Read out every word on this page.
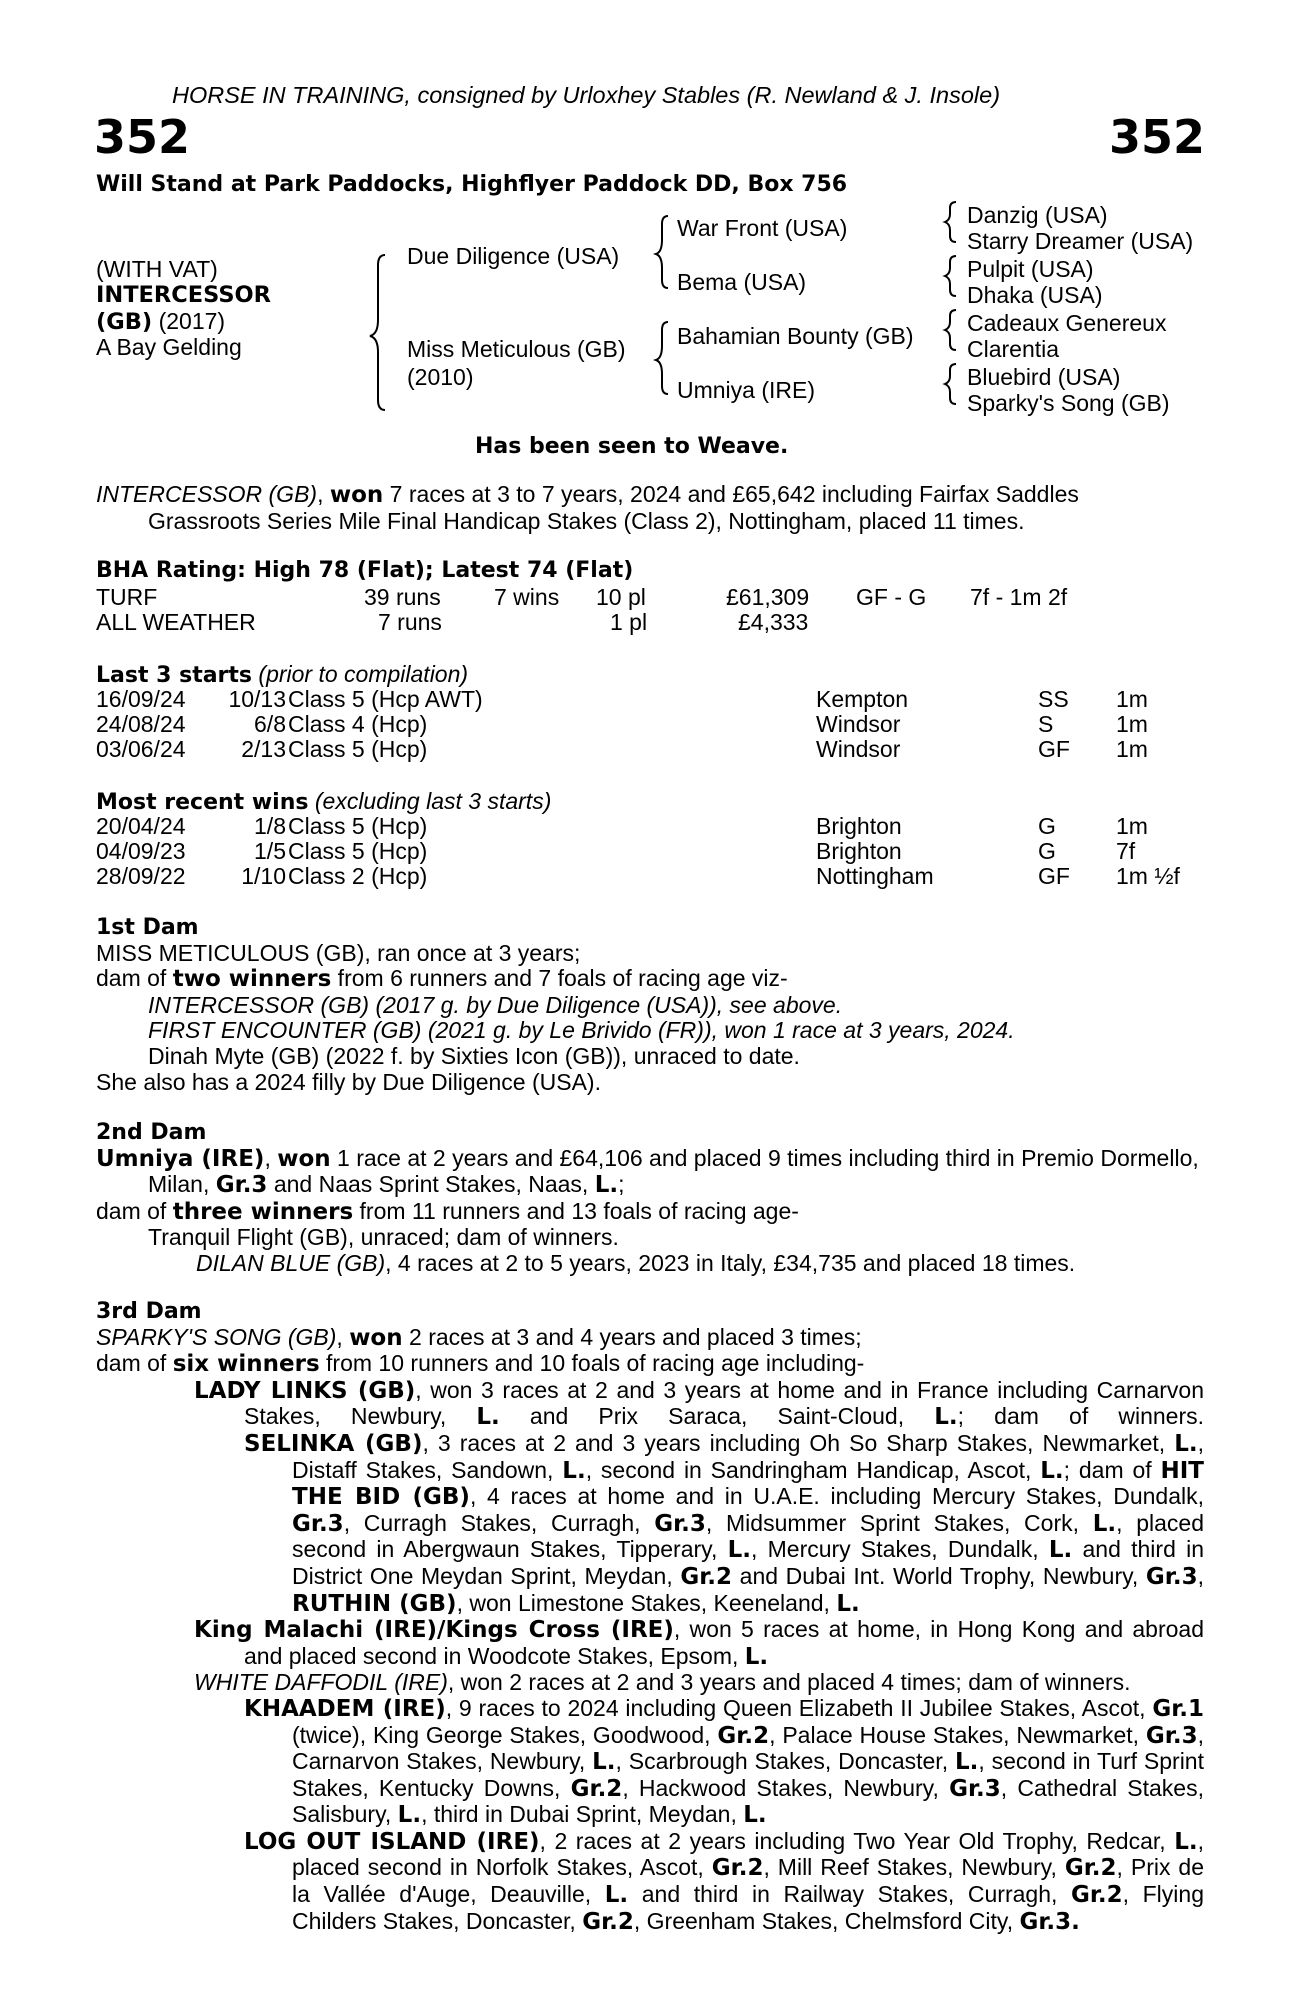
HORSE IN TRAINING, consigned by Urloxhey Stables (R. Newland & J. Insole)
352	352
Will Stand at Park Paddocks, Highflyer Paddock DD, Box 756
(WITH VAT)
INTERCESSOR
(GB) (2017)
A Bay Gelding
Due Diligence (USA)
Miss Meticulous (GB)
(2010)
War Front (USA)
Bema (USA)
Bahamian Bounty (GB)
Umniya (IRE)
Danzig (USA)
Starry Dreamer (USA)
Pulpit (USA)
Dhaka (USA)
Cadeaux Genereux
Clarentia
Bluebird (USA)
Sparky's Song (GB)
Has been seen to Weave.

INTERCESSOR (GB), won 7 races at 3 to 7 years, 2024 and £65,642 including Fairfax Saddles

Grassroots Series Mile Final Handicap Stakes (Class 2), Nottingham, placed 11 times.

BHA Rating: High 78 (Flat); Latest 74 (Flat)
TURF	39 runs 7 wins 10 pl	£61,309 GF - G 7f - 1m 2f
ALL WEATHER	7 runs	1 pl	£4,333
Last 3 starts (prior to compilation)
16/09/24	10/13 Class 5 (Hcp AWT)	Kempton	SS 1m
24/08/24	6/8 Class 4 (Hcp)	Windsor	S	1m
03/06/24	2/13 Class 5 (Hcp)	Windsor	GF 1m
Most recent wins (excluding last 3 starts)
20/04/24	1/8 Class 5 (Hcp)	Brighton	G	1m
04/09/23	1/5 Class 5 (Hcp)	Brighton	G	7f
28/09/22	1/10 Class 2 (Hcp)	Nottingham	GF 1m ½f

1st Dam

MISS METICULOUS (GB), ran once at 3 years;

dam of two winners from 6 runners and 7 foals of racing age viz-

INTERCESSOR (GB) (2017 g. by Due Diligence (USA)), see above.

FIRST ENCOUNTER (GB) (2021 g. by Le Brivido (FR)), won 1 race at 3 years, 2024.

Dinah Myte (GB) (2022 f. by Sixties Icon (GB)), unraced to date.

She also has a 2024 filly by Due Diligence (USA).

2nd Dam

Umniya (IRE), won 1 race at 2 years and £64,106 and placed 9 times including third in Premio Dormello, Milan, Gr.3 and Naas Sprint Stakes, Naas, L.;

dam of three winners from 11 runners and 13 foals of racing age-

Tranquil Flight (GB), unraced; dam of winners.

DILAN BLUE (GB), 4 races at 2 to 5 years, 2023 in Italy, £34,735 and placed 18 times.

3rd Dam

SPARKY'S SONG (GB), won 2 races at 3 and 4 years and placed 3 times;

dam of six winners from 10 runners and 10 foals of racing age including-

LADY LINKS (GB), won 3 races at 2 and 3 years at home and in France including Carnarvon Stakes, Newbury, L. and Prix Saraca, Saint-Cloud, L.; dam of winners.

SELINKA (GB), 3 races at 2 and 3 years including Oh So Sharp Stakes, Newmarket, L., Distaff Stakes, Sandown, L., second in Sandringham Handicap, Ascot, L.; dam of HIT THE BID (GB), 4 races at home and in U.A.E. including Mercury Stakes, Dundalk, Gr.3, Curragh Stakes, Curragh, Gr.3, Midsummer Sprint Stakes, Cork, L., placed second in Abergwaun Stakes, Tipperary, L., Mercury Stakes, Dundalk, L. and third in District One Meydan Sprint, Meydan, Gr.2 and Dubai Int. World Trophy, Newbury, Gr.3, RUTHIN (GB), won Limestone Stakes, Keeneland, L.

King Malachi (IRE)/Kings Cross (IRE), won 5 races at home, in Hong Kong and abroad and placed second in Woodcote Stakes, Epsom, L.

WHITE DAFFODIL (IRE), won 2 races at 2 and 3 years and placed 4 times; dam of winners.

KHAADEM (IRE), 9 races to 2024 including Queen Elizabeth II Jubilee Stakes, Ascot, Gr.1 (twice), King George Stakes, Goodwood, Gr.2, Palace House Stakes, Newmarket, Gr.3, Carnarvon Stakes, Newbury, L., Scarbrough Stakes, Doncaster, L., second in Turf Sprint Stakes, Kentucky Downs, Gr.2, Hackwood Stakes, Newbury, Gr.3, Cathedral Stakes, Salisbury, L., third in Dubai Sprint, Meydan, L.

LOG OUT ISLAND (IRE), 2 races at 2 years including Two Year Old Trophy, Redcar, L., placed second in Norfolk Stakes, Ascot, Gr.2, Mill Reef Stakes, Newbury, Gr.2, Prix de la Vallée d'Auge, Deauville, L. and third in Railway Stakes, Curragh, Gr.2, Flying Childers Stakes, Doncaster, Gr.2, Greenham Stakes, Chelmsford City, Gr.3.
